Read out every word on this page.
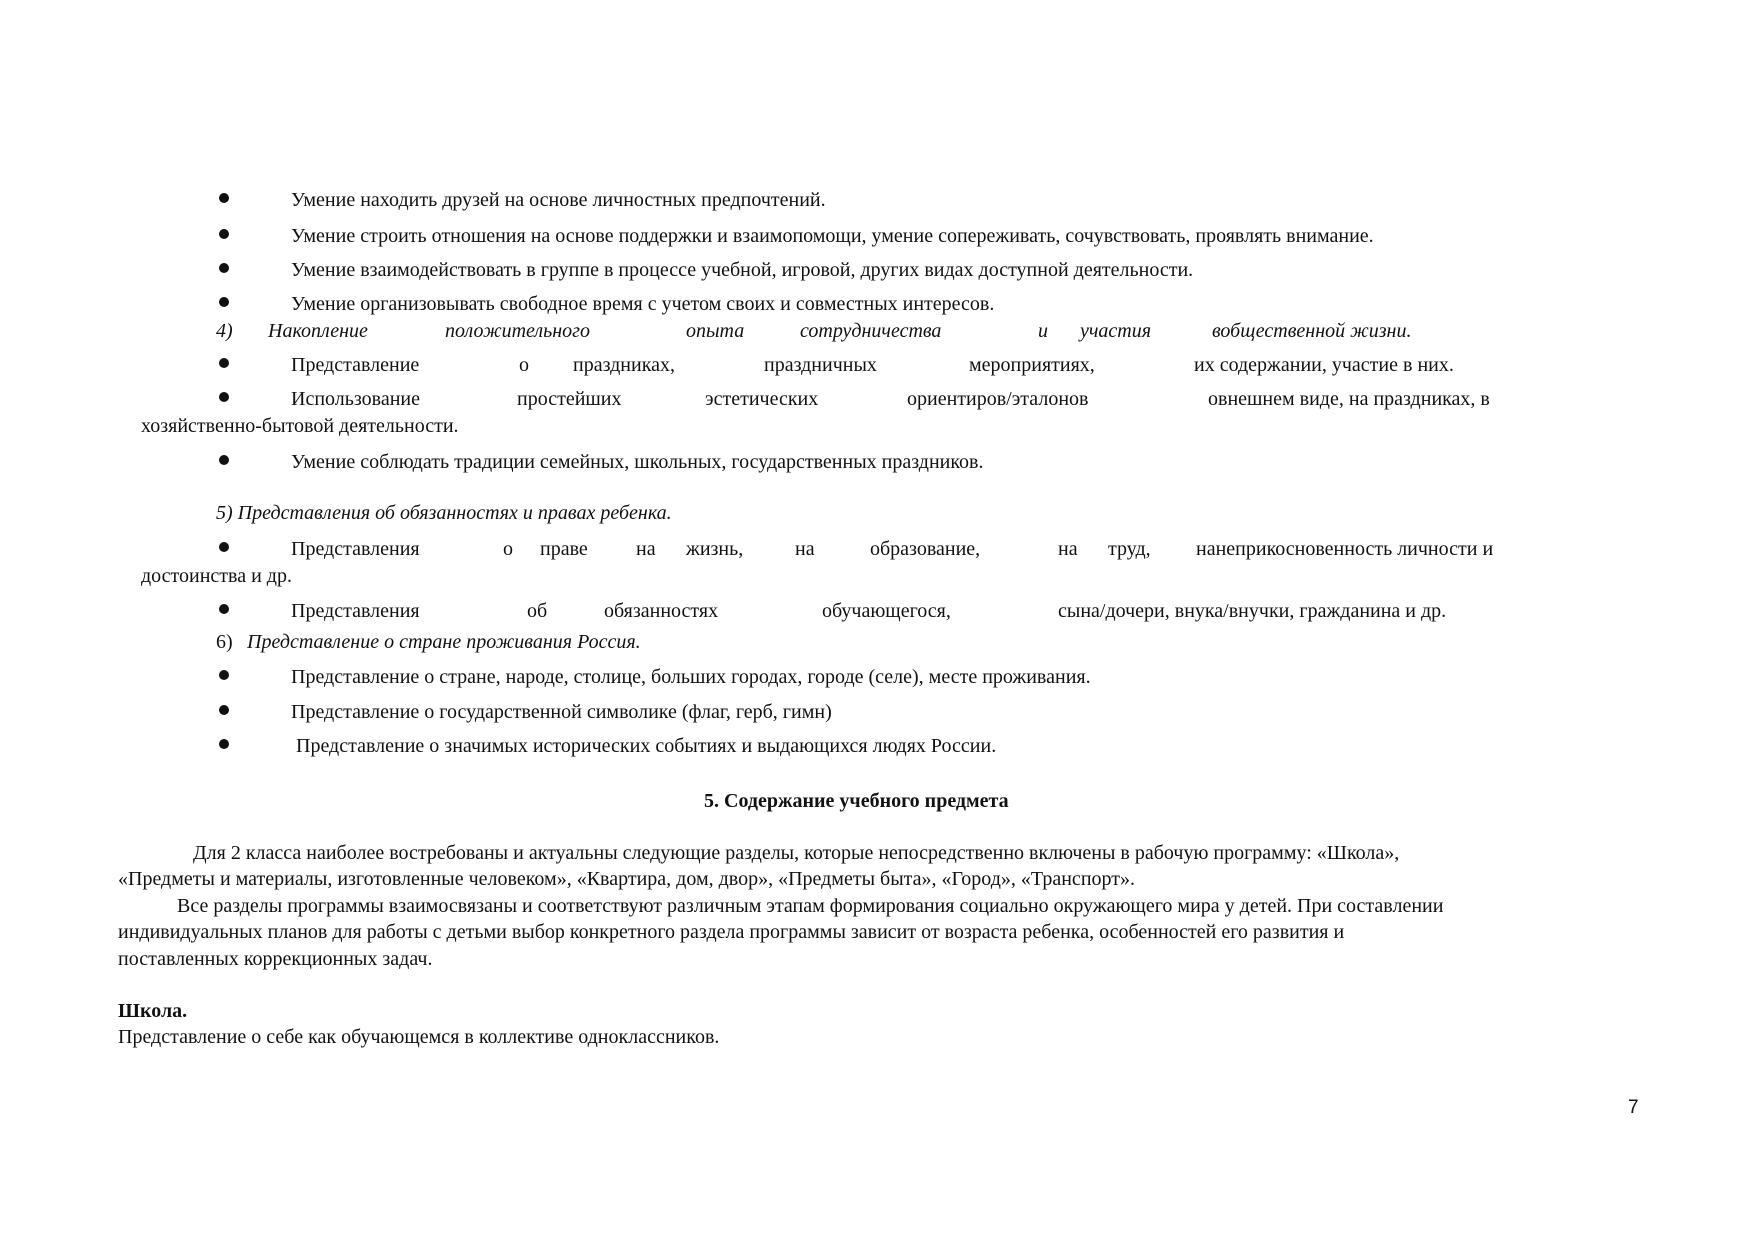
Умение находить друзей на основе личностных предпочтений.
Умение строить отношения на основе поддержки и взаимопомощи, умение сопереживать, сочувствовать, проявлять внимание.
Умение взаимодействовать в группе в процессе учебной, игровой, других видах доступной деятельности.
Умение организовывать свободное время с учетом своих и совместных интересов.
4) Накопление	положительного	опыта	сотрудничества	и участия	вобщественной жизни.
Представление	о праздниках,	праздничных	мероприятиях,	их содержании, участие в них.
Использование	простейших	эстетических	ориентиров/эталонов	овнешнем виде, на праздниках, в
хозяйственно-бытовой деятельности.
Умение соблюдать традиции семейных, школьных, государственных праздников.
5) Представления об обязанностях и правах ребенка.
Представления	о праве на жизнь,	на	образование,	на труд, нанеприкосновенность личности и
достоинства и др.
Представления	об	обязанностях	обучающегося,	сына/дочери, внука/внучки, гражданина и др.
6) Представление о стране проживания Россия.
Представление о стране, народе, столице, больших городах, городе (селе), месте проживания.
Представление о государственной символике (флаг, герб, гимн)
Представление о значимых исторических событиях и выдающихся людях России.
5. Содержание учебного предмета
Для 2 класса наиболее востребованы и актуальны следующие разделы, которые непосредственно включены в рабочую программу: «Школа»,
«Предметы и материалы, изготовленные человеком», «Квартира, дом, двор», «Предметы быта», «Город», «Транспорт».
Все разделы программы взаимосвязаны и соответствуют различным этапам формирования социально окружающего мира у детей. При составлении
индивидуальных планов для работы с детьми выбор конкретного раздела программы зависит от возраста ребенка, особенностей его развития и
поставленных коррекционных задач.
Школа.
Представление о себе как обучающемся в коллективе одноклассников.
7
